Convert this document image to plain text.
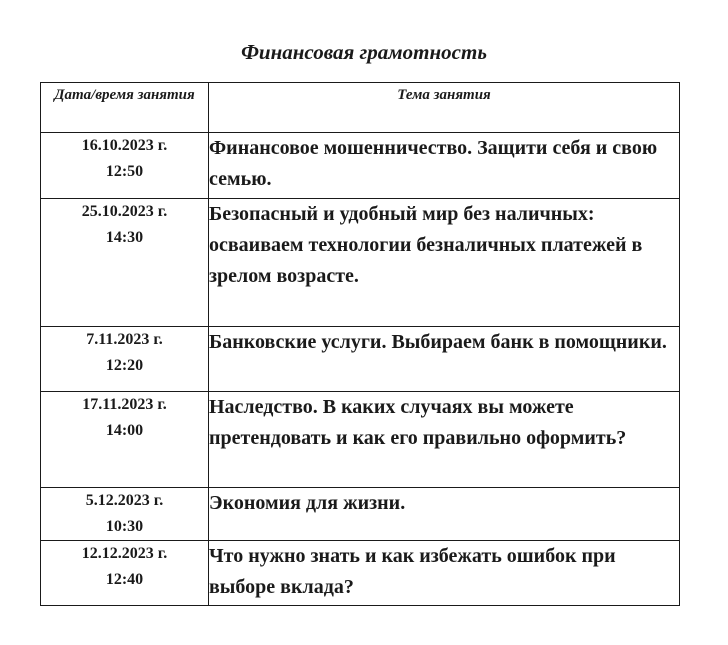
Финансовая грамотность
Дата/время занятия	Тема занятия

16.10.2023 г.
12:50	Финансовое мошенничество. Защити себя и свою семью.

25.10.2023 г.
14:30	Безопасный и удобный мир без наличных: осваиваем технологии безналичных платежей в зрелом возрасте.

7.11.2023 г.
12:20	Банковские услуги. Выбираем банк в помощники.

17.11.2023 г.
14:00	Наследство. В каких случаях вы можете претендовать и как его правильно оформить?

5.12.2023 г.
10:30	Экономия для жизни.

12.12.2023 г.
12:40	Что нужно знать и как избежать ошибок при выборе вклада?
